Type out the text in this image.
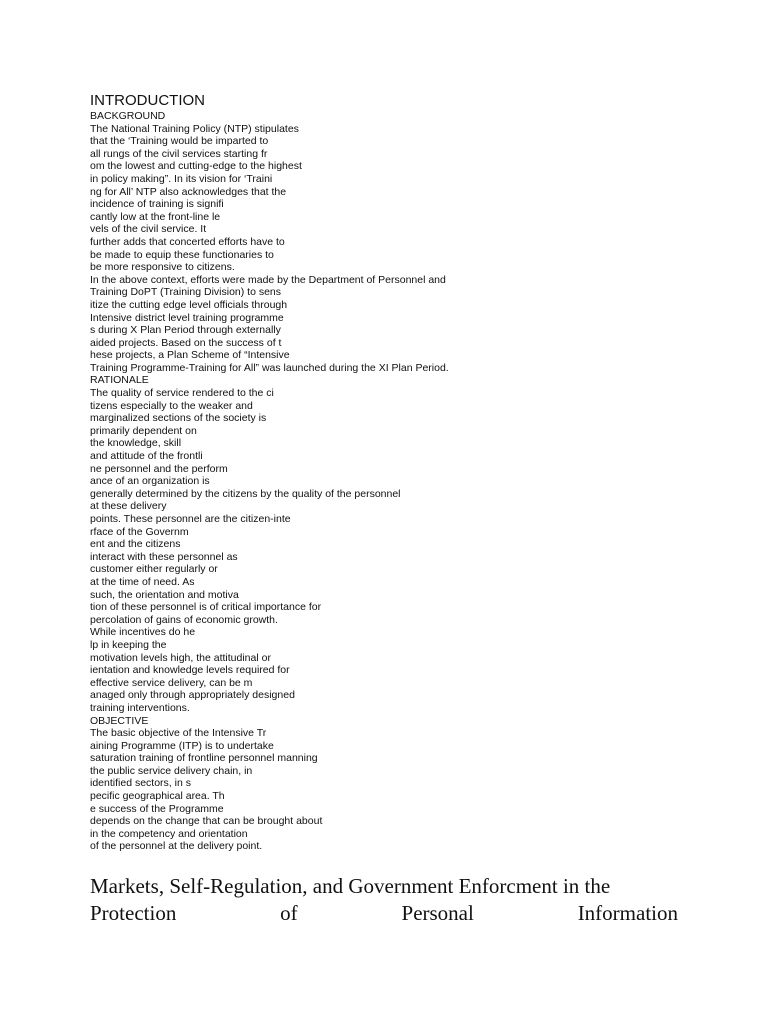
INTRODUCTION
BACKGROUND
The National Training Policy (NTP) stipulates
that the ‘Training would be imparted to
all rungs of the civil services starting fr
om the lowest and cutting-edge to the highest
in policy making”. In its vision for ‘Traini
ng for All’ NTP also acknowledges that the
incidence of training is signifi
cantly low at the front-line le
vels of the civil service. It
further adds that concerted efforts have to
be made to equip these functionaries to
be more responsive to citizens.
In the above context, efforts were made by the Department of Personnel and
Training DoPT (Training Division) to sens
itize the cutting edge level officials through
Intensive district level training programme
s during X Plan Period through externally
aided projects. Based on the success of t
hese projects, a Plan Scheme of “Intensive
Training Programme-Training for All” was launched during the XI Plan Period.
RATIONALE
The quality of service rendered to the ci
tizens especially to the weaker and
marginalized sections of the society is
primarily dependent on
the knowledge, skill
and attitude of the frontli
ne personnel and the perform
ance of an organization is
generally determined by the citizens by the quality of the personnel
at these delivery
points. These personnel are the citizen-inte
rface of the Governm
ent and the citizens
interact with these personnel as
customer either regularly or
at the time of need. As
such, the orientation and motiva
tion of these personnel is of critical importance for
percolation of gains of economic growth.
While incentives do he
lp in keeping the
motivation levels high, the attitudinal or
ientation and knowledge levels required for
effective service delivery, can be m
anaged only through appropriately designed
training interventions.
OBJECTIVE
The basic objective of the Intensive Tr
aining Programme (ITP) is to undertake
saturation training of frontline personnel manning
the public service delivery chain, in
identified sectors, in s
pecific geographical area. Th
e success of the Programme
depends on the change that can be brought about
in the competency and orientation
of the personnel at the delivery point.
Markets, Self-Regulation, and Government Enforcment in the
Protection	of	Personal	Information
